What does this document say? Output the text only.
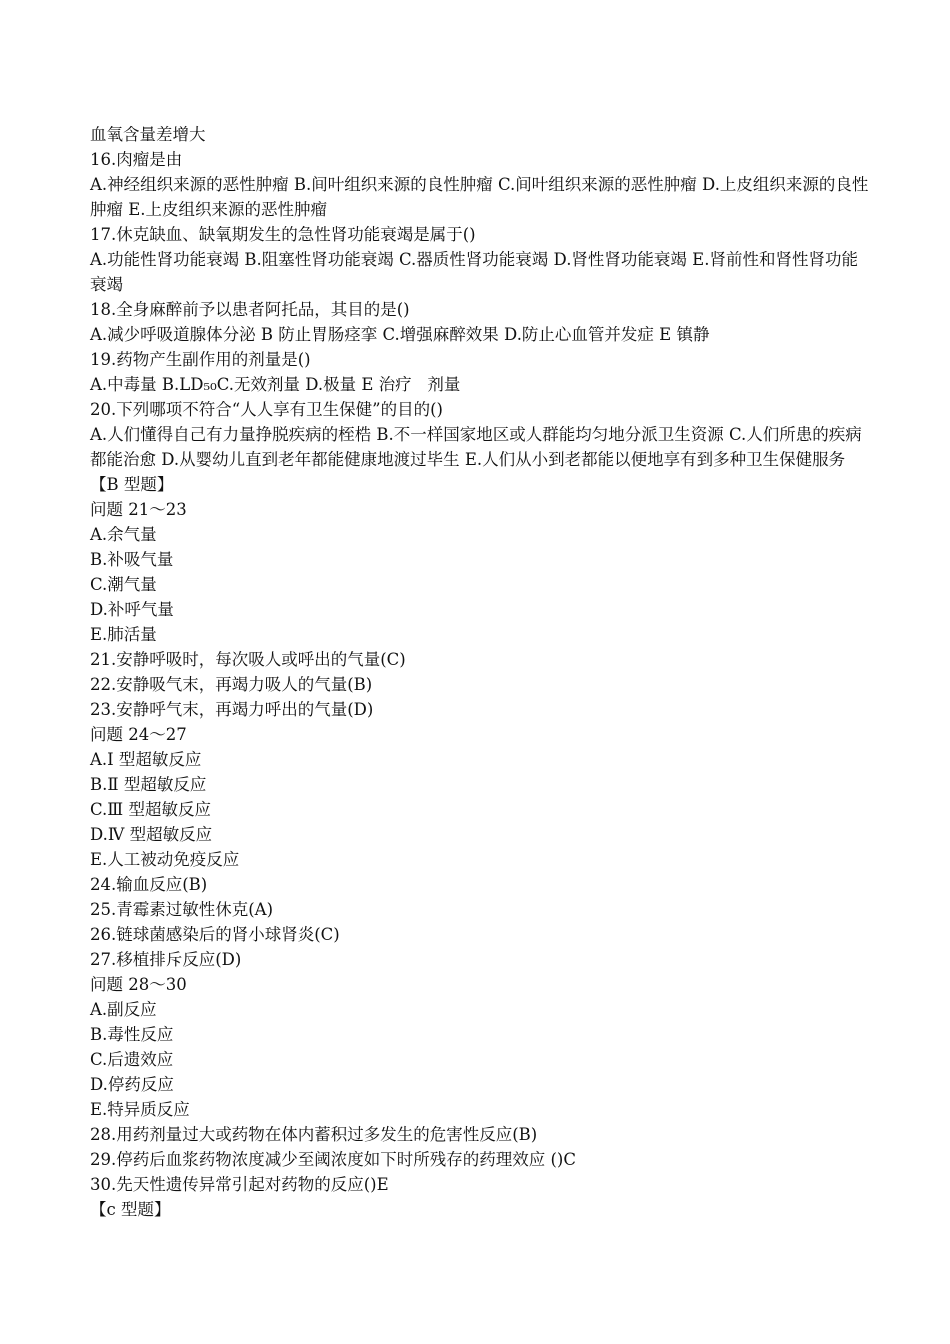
血氧含量差增大

16.肉瘤是由

A.神经组织来源的恶性肿瘤 B.间叶组织来源的良性肿瘤 C.间叶组织来源的恶性肿瘤 D.上皮组织来源的良性肿瘤 E.上皮组织来源的恶性肿瘤

17.休克缺血、缺氧期发生的急性肾功能衰竭是属于()

A.功能性肾功能衰竭 B.阻塞性肾功能衰竭 C.器质性肾功能衰竭 D.肾性肾功能衰竭 E.肾前性和肾性肾功能衰竭

18.全身麻醉前予以患者阿托品，其目的是()

A.减少呼吸道腺体分泌 B 防止胃肠痉挛 C.增强麻醉效果 D.防止心血管并发症 E 镇静

19.药物产生副作用的剂量是()

A.中毒量 B.LD₅₀C.无效剂量 D.极量 E 治疗   剂量

20.下列哪项不符合“人人享有卫生保健”的目的()

A.人们懂得自己有力量挣脱疾病的桎梏 B.不一样国家地区或人群能均匀地分派卫生资源 C.人们所患的疾病都能治愈 D.从婴幼儿直到老年都能健康地渡过毕生 E.人们从小到老都能以便地享有到多种卫生保健服务

【B 型题】

问题 21～23

A.余气量

B.补吸气量

C.潮气量

D.补呼气量

E.肺活量

21.安静呼吸时，每次吸人或呼出的气量(C)

22.安静吸气末，再竭力吸人的气量(B)

23.安静呼气末，再竭力呼出的气量(D)

问题 24～27

A.I 型超敏反应

B.Ⅱ 型超敏反应

C.Ⅲ 型超敏反应

D.Ⅳ 型超敏反应

E.人工被动免疫反应

24.输血反应(B)

25.青霉素过敏性休克(A)

26.链球菌感染后的肾小球肾炎(C)

27.移植排斥反应(D)

问题 28～30

A.副反应

B.毒性反应

C.后遗效应

D.停药反应

E.特异质反应

28.用药剂量过大或药物在体内蓄积过多发生的危害性反应(B)

29.停药后血浆药物浓度减少至阈浓度如下时所残存的药理效应 ()C

30.先天性遗传异常引起对药物的反应()E

【c 型题】
